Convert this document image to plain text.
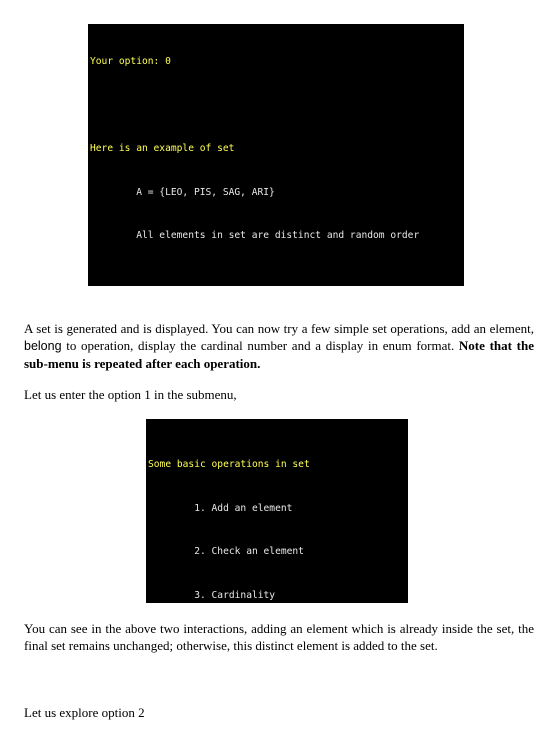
Your option: 0

Here is an example of set

A = {LEO, PIS, SAG, ARI}

All elements in set are distinct and random order

A set is generated and is displayed. You can now try a few simple set operations, add an element, belong to operation, display the cardinal number and a display in enum format. Note that the sub-menu is repeated after each operation.

Let us enter the option 1 in the submenu,

Some basic operations in set

1. Add an element

2. Check an element

3. Cardinality

You can see in the above two interactions, adding an element which is already inside the set, the final set remains unchanged; otherwise, this distinct element is added to the set.

Let us explore option 2
